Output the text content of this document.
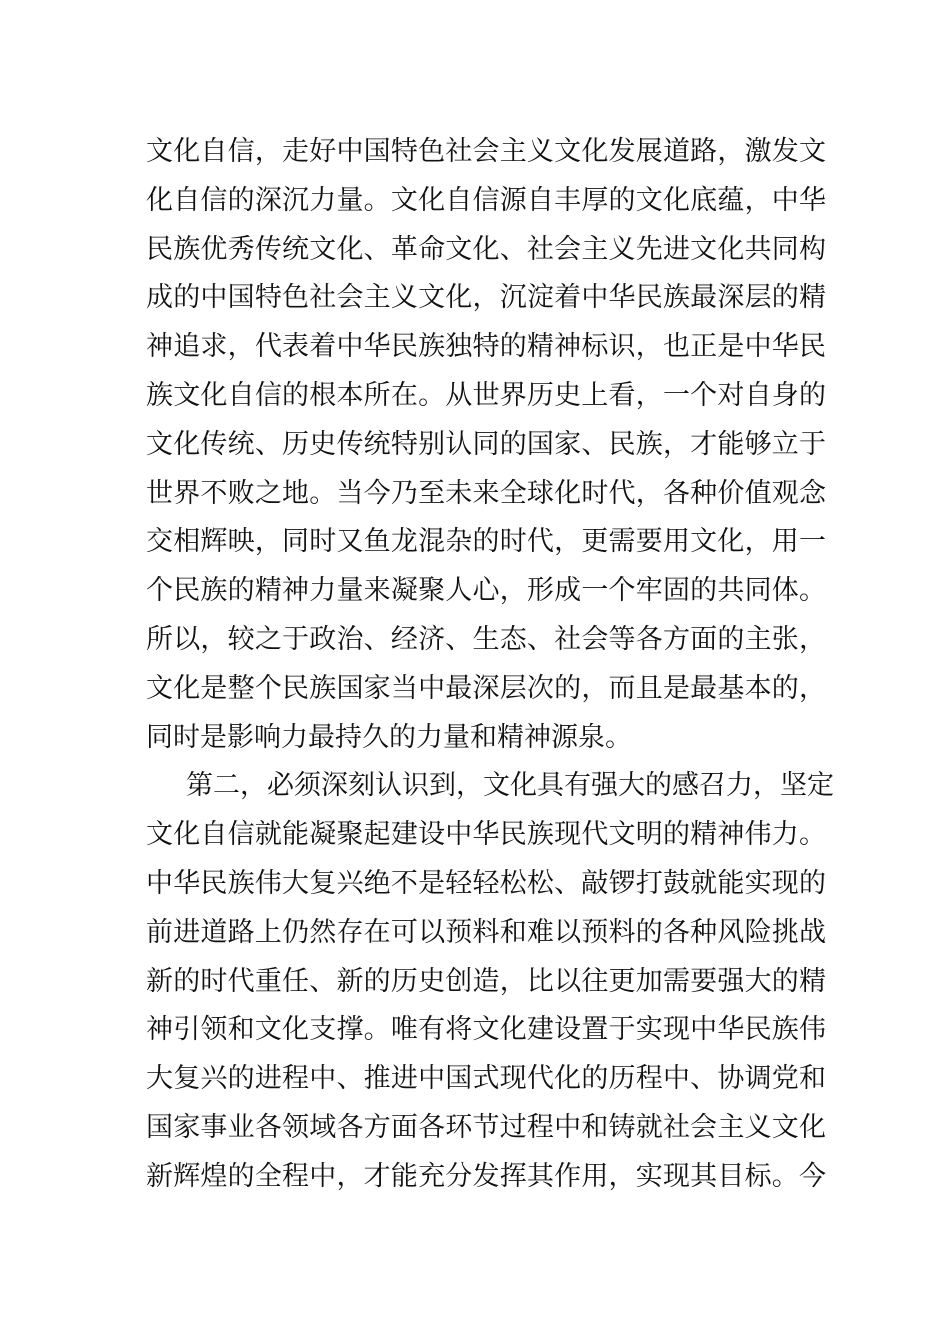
文化自信，走好中国特色社会主义文化发展道路，激发文
化自信的深沉力量。文化自信源自丰厚的文化底蕴，中华
民族优秀传统文化、革命文化、社会主义先进文化共同构
成的中国特色社会主义文化，沉淀着中华民族最深层的精
神追求，代表着中华民族独特的精神标识，也正是中华民
族文化自信的根本所在。从世界历史上看，一个对自身的
文化传统、历史传统特别认同的国家、民族，才能够立于
世界不败之地。当今乃至未来全球化时代，各种价值观念
交相辉映，同时又鱼龙混杂的时代，更需要用文化，用一
个民族的精神力量来凝聚人心，形成一个牢固的共同体。
所以，较之于政治、经济、生态、社会等各方面的主张，
文化是整个民族国家当中最深层次的，而且是最基本的，
同时是影响力最持久的力量和精神源泉。
第二，必须深刻认识到，文化具有强大的感召力，坚定
文化自信就能凝聚起建设中华民族现代文明的精神伟力。
中华民族伟大复兴绝不是轻轻松松、敲锣打鼓就能实现的
前进道路上仍然存在可以预料和难以预料的各种风险挑战
新的时代重任、新的历史创造，比以往更加需要强大的精
神引领和文化支撑。唯有将文化建设置于实现中华民族伟
大复兴的进程中、推进中国式现代化的历程中、协调党和
国家事业各领域各方面各环节过程中和铸就社会主义文化
新辉煌的全程中，才能充分发挥其作用，实现其目标。今
